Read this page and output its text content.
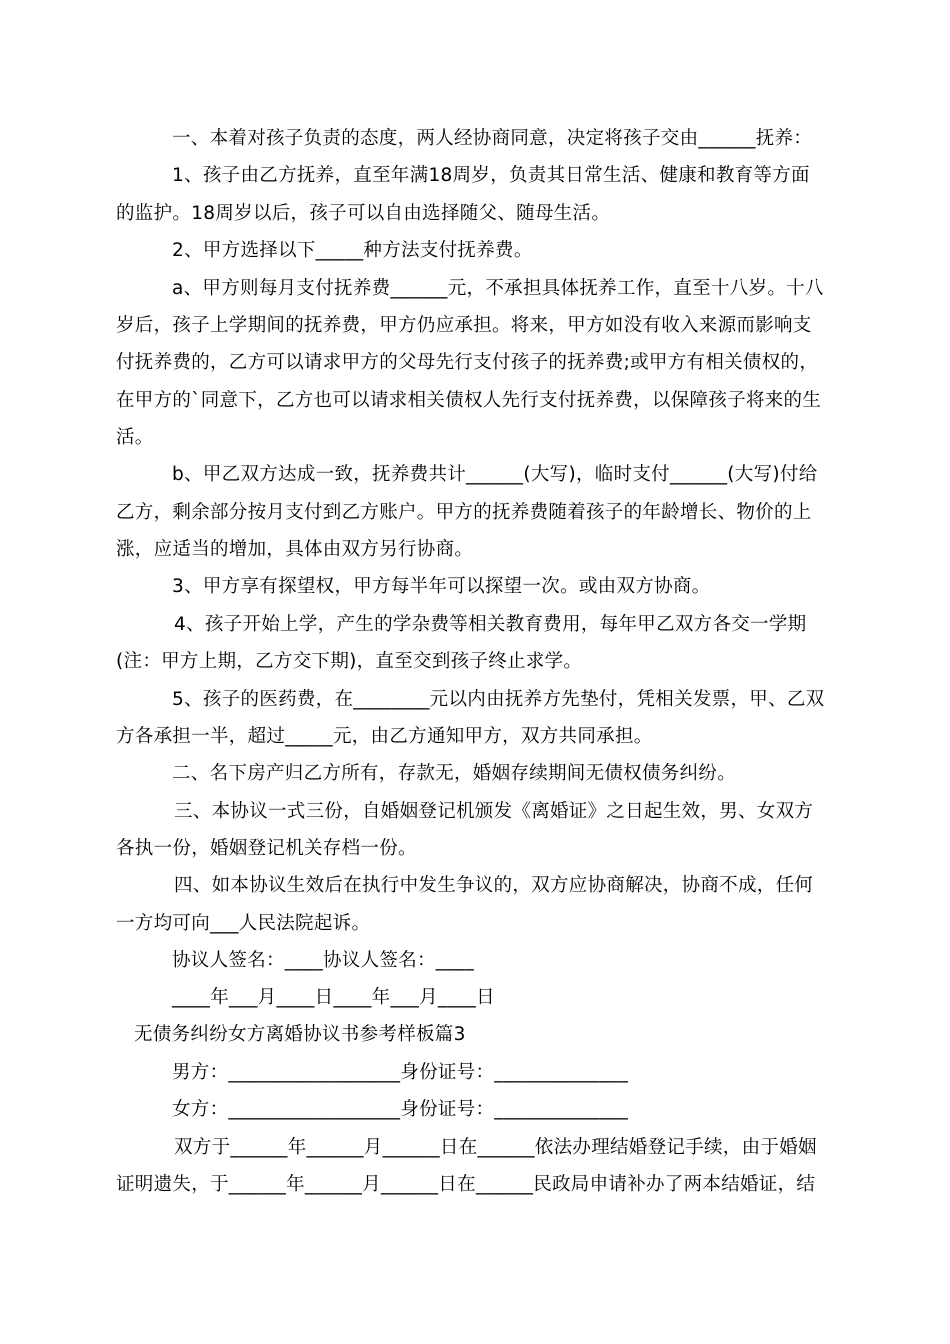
一、本着对孩子负责的态度，两人经协商同意，决定将孩子交由______抚养：
1、孩子由乙方抚养，直至年满18周岁，负责其日常生活、健康和教育等方面
的监护。18周岁以后，孩子可以自由选择随父、随母生活。
2、甲方选择以下_____种方法支付抚养费。
a、甲方则每月支付抚养费______元，不承担具体抚养工作，直至十八岁。十八
岁后，孩子上学期间的抚养费，甲方仍应承担。将来，甲方如没有收入来源而影响支
付抚养费的，乙方可以请求甲方的父母先行支付孩子的抚养费;或甲方有相关债权的，
在甲方的`同意下，乙方也可以请求相关债权人先行支付抚养费，以保障孩子将来的生
活。
b、甲乙双方达成一致，抚养费共计______(大写)，临时支付______(大写)付给
乙方，剩余部分按月支付到乙方账户。甲方的抚养费随着孩子的年龄增长、物价的上
涨，应适当的增加，具体由双方另行协商。
3、甲方享有探望权，甲方每半年可以探望一次。或由双方协商。
4、孩子开始上学，产生的学杂费等相关教育费用，每年甲乙双方各交一学期
(注：甲方上期，乙方交下期)，直至交到孩子终止求学。
5、孩子的医药费，在________元以内由抚养方先垫付，凭相关发票，甲、乙双
方各承担一半，超过_____元，由乙方通知甲方，双方共同承担。
二、名下房产归乙方所有，存款无，婚姻存续期间无债权债务纠纷。
三、本协议一式三份，自婚姻登记机颁发《离婚证》之日起生效，男、女双方
各执一份，婚姻登记机关存档一份。
四、如本协议生效后在执行中发生争议的，双方应协商解决，协商不成，任何
一方均可向___人民法院起诉。
协议人签名：____协议人签名：____
____年___月____日____年___月____日
无债务纠纷女方离婚协议书参考样板篇3
男方：__________________身份证号：______________
女方：__________________身份证号：______________
双方于______年______月______日在______依法办理结婚登记手续，由于婚姻
证明遗失，于______年______月______日在______民政局申请补办了两本结婚证，结
